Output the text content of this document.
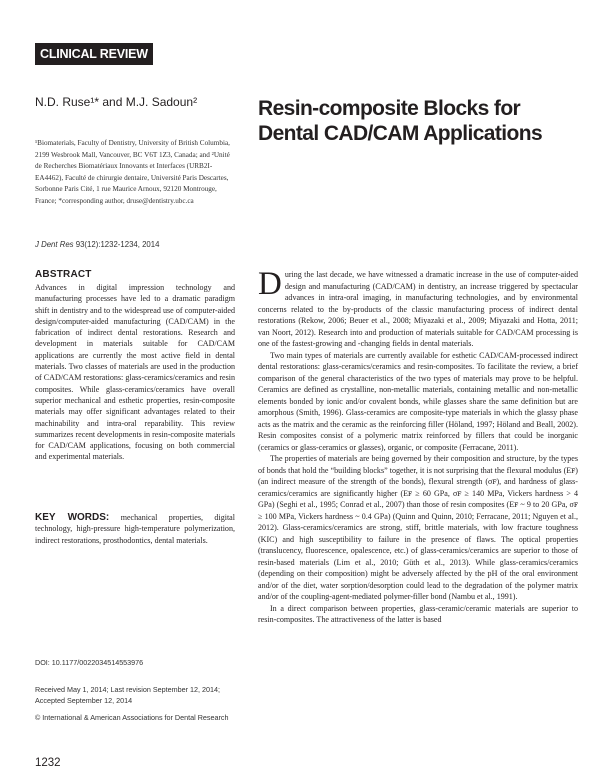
CLINICAL REVIEW
N.D. Ruse¹* and M.J. Sadoun²	Resin-composite Blocks for Dental CAD/CAM Applications
¹Biomaterials, Faculty of Dentistry, University of British Columbia, 2199 Wesbrook Mall, Vancouver, BC V6T 1Z3, Canada; and ²Unité de Recherches Biomatériaux Innovants et Interfaces (URB2I-EA4462), Faculté de chirurgie dentaire, Université Paris Descartes, Sorbonne Paris Cité, 1 rue Maurice Arnoux, 92120 Montrouge, France; *corresponding author, druse@dentistry.ubc.ca
J Dent Res 93(12):1232-1234, 2014
ABSTRACT
Advances in digital impression technology and manufacturing processes have led to a dramatic paradigm shift in dentistry and to the widespread use of computer-aided design/computer-aided manufacturing (CAD/CAM) in the fabrication of indirect dental restorations. Research and development in materials suitable for CAD/CAM applications are currently the most active field in dental materials. Two classes of materials are used in the production of CAD/CAM restorations: glass-ceramics/ceramics and resin composites. While glass-ceramics/ceramics have overall superior mechanical and esthetic properties, resin-composite materials may offer significant advantages related to their machinability and intra-oral reparability. This review summarizes recent developments in resin-composite materials for CAD/CAM applications, focusing on both commercial and experimental materials.
KEY WORDS: mechanical properties, digital technology, high-pressure high-temperature polymerization, indirect restorations, prosthodontics, dental materials.
DOI: 10.1177/0022034514553976
Received May 1, 2014; Last revision September 12, 2014; Accepted September 12, 2014
© International & American Associations for Dental Research
1232

During the last decade, we have witnessed a dramatic increase in the use of computer-aided design and manufacturing (CAD/CAM) in dentistry, an increase triggered by spectacular advances in intra-oral imaging, in manufacturing technologies, and by environmental concerns related to the by-products of the classic manufacturing process of indirect dental restorations (Rekow, 2006; Beuer et al., 2008; Miyazaki et al., 2009; Miyazaki and Hotta, 2011; van Noort, 2012). Research into and production of materials suitable for CAD/CAM processing is one of the fastest-growing and -changing fields in dental materials.

Two main types of materials are currently available for esthetic CAD/CAM-processed indirect dental restorations: glass-ceramics/ceramics and resin-composites. To facilitate the review, a brief comparison of the general characteristics of the two types of materials may prove to be helpful. Ceramics are defined as crystalline, non-metallic materials, containing metallic and non-metallic elements bonded by ionic and/or covalent bonds, while glasses share the same definition but are amorphous (Smith, 1996). Glass-ceramics are composite-type materials in which the glassy phase acts as the matrix and the ceramic as the reinforcing filler (Höland, 1997; Höland and Beall, 2002). Resin composites consist of a polymeric matrix reinforced by fillers that could be inorganic (ceramics or glass-ceramics or glasses), organic, or composite (Ferracane, 2011).

The properties of materials are being governed by their composition and structure, by the types of bonds that hold the “building blocks” together, it is not surprising that the flexural modulus (Eꜰ) (an indirect measure of the strength of the bonds), flexural strength (σꜰ), and hardness of glass-ceramics/ceramics are significantly higher (Eꜰ ≥ 60 GPa, σꜰ ≥ 140 MPa, Vickers hardness > 4 GPa) (Seghi et al., 1995; Conrad et al., 2007) than those of resin composites (Eꜰ ~ 9 to 20 GPa, σꜰ ≥ 100 MPa, Vickers hardness ~ 0.4 GPa) (Quinn and Quinn, 2010; Ferracane, 2011; Nguyen et al., 2012). Glass-ceramics/ceramics are strong, stiff, brittle materials, with low fracture toughness (KIC) and high susceptibility to failure in the presence of flaws. The optical properties (translucency, fluorescence, opalescence, etc.) of glass-ceramics/ceramics are superior to those of resin-based materials (Lim et al., 2010; Güth et al., 2013). While glass-ceramics/ceramics (depending on their composition) might be adversely affected by the pH of the oral environment and/or of the diet, water sorption/desorption could lead to the degradation of the polymer matrix and/or of the coupling-agent-mediated polymer-filler bond (Nambu et al., 1991).

In a direct comparison between properties, glass-ceramic/ceramic materials are superior to resin-composites. The attractiveness of the latter is based
